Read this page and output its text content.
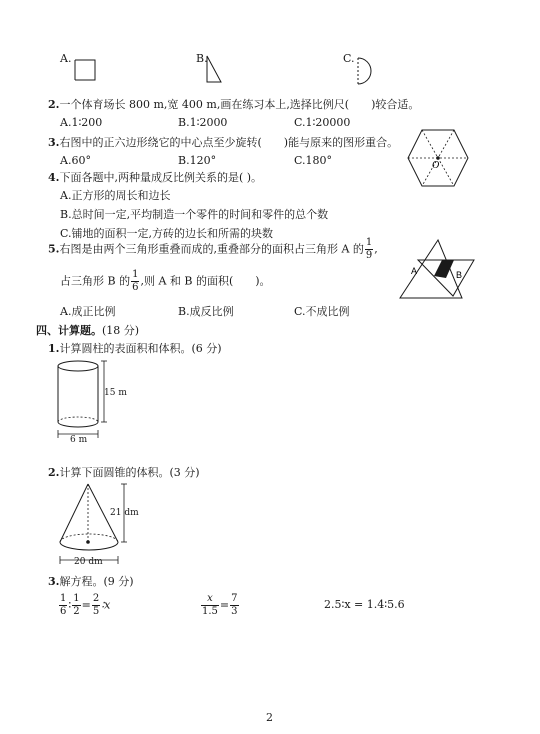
A.	B.	C.
2.一个体育场长 800 m,宽 400 m,画在练习本上,选择比例尺( )较合适。
A.1∶200	B.1∶2000	C.1∶20000
3.右图中的正六边形绕它的中心点至少旋转( )能与原来的图形重合。
A.60°	B.120°	C.180°	O
4.下面各题中,两种量成反比例关系的是( )。
A.正方形的周长和边长
B.总时间一定,平均制造一个零件的时间和零件的总个数
C.铺地的面积一定,方砖的边长和所需的块数
5.右图是由两个三角形重叠而成的,重叠部分的面积占三角形 A 的 $\frac{1}{9}$ ,
占三角形 B 的 $\frac{1}{6}$ ,则 A 和 B 的面积( )。
A.成正比例	B.成反比例	C.不成比例
A	B
四、计算题。(18 分)
1.计算圆柱的表面积和体积。(6 分)
15 m
6 m
2.计算下面圆锥的体积。(3 分)
21 dm
20 dm
3.解方程。(9 分)
$\frac{1}{6}$ ∶ $\frac{1}{2} = \frac{2}{5}$ ∶x	$\frac{x}{1.5} = \frac{7}{3}$	2.5∶x = 1.4∶5.6
2
